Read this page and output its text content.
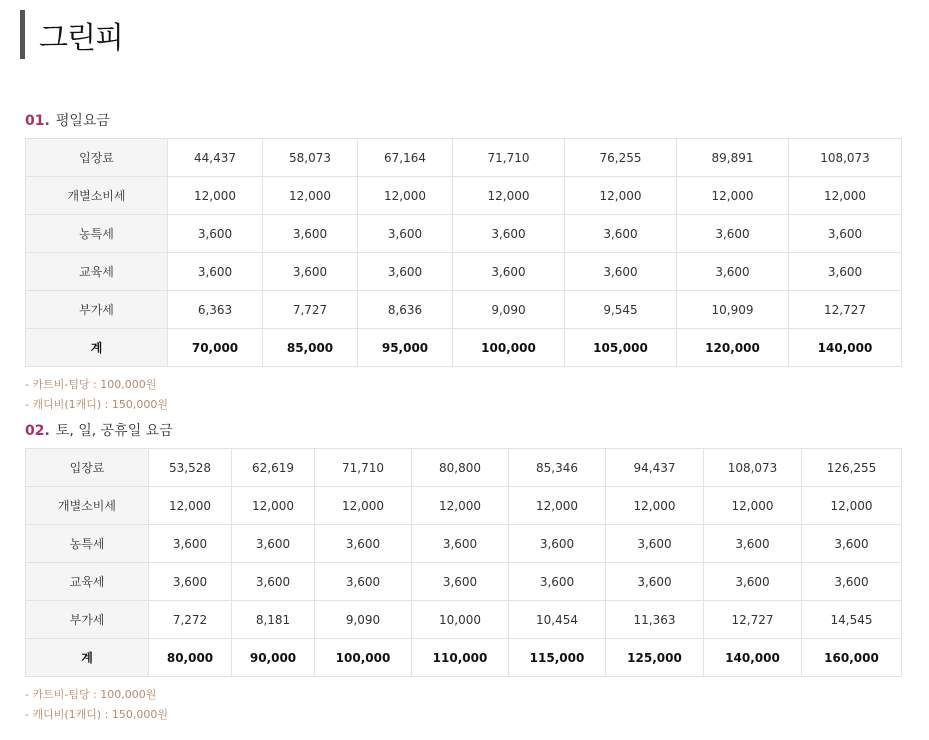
그린피
01. 평일요금
입장료	44,437	58,073	67,164	71,710	76,255	89,891	108,073
개별소비세	12,000	12,000	12,000	12,000	12,000	12,000	12,000
농특세	3,600	3,600	3,600	3,600	3,600	3,600	3,600
교육세	3,600	3,600	3,600	3,600	3,600	3,600	3,600
부가세	6,363	7,727	8,636	9,090	9,545	10,909	12,727
계	70,000	85,000	95,000	100,000	105,000	120,000	140,000
- 카트비-팀당 : 100,000원
- 캐디비(1캐디) : 150,000원
02. 토, 일, 공휴일 요금
입장료	53,528	62,619	71,710	80,800	85,346	94,437	108,073	126,255
개별소비세	12,000	12,000	12,000	12,000	12,000	12,000	12,000	12,000
농특세	3,600	3,600	3,600	3,600	3,600	3,600	3,600	3,600
교육세	3,600	3,600	3,600	3,600	3,600	3,600	3,600	3,600
부가세	7,272	8,181	9,090	10,000	10,454	11,363	12,727	14,545
계	80,000	90,000	100,000	110,000	115,000	125,000	140,000	160,000
- 카트비-팀당 : 100,000원
- 캐디비(1캐디) : 150,000원
